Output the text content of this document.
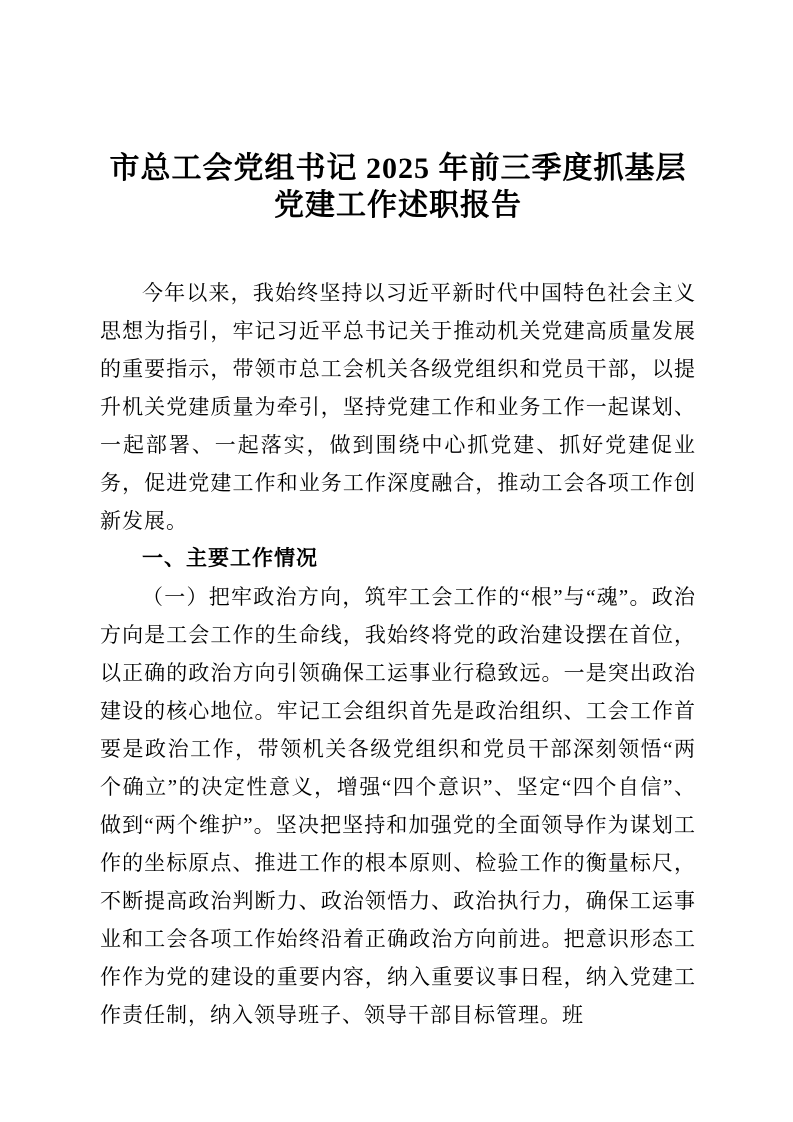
市总工会党组书记 2025 年前三季度抓基层党建工作述职报告

今年以来，我始终坚持以习近平新时代中国特色社会主义思想为指引，牢记习近平总书记关于推动机关党建高质量发展的重要指示，带领市总工会机关各级党组织和党员干部，以提升机关党建质量为牵引，坚持党建工作和业务工作一起谋划、一起部署、一起落实，做到围绕中心抓党建、抓好党建促业务，促进党建工作和业务工作深度融合，推动工会各项工作创新发展。

一、主要工作情况

（一）把牢政治方向，筑牢工会工作的“根”与“魂”。政治方向是工会工作的生命线，我始终将党的政治建设摆在首位，以正确的政治方向引领确保工运事业行稳致远。一是突出政治建设的核心地位。牢记工会组织首先是政治组织、工会工作首要是政治工作，带领机关各级党组织和党员干部深刻领悟“两个确立”的决定性意义，增强“四个意识”、坚定“四个自信”、做到“两个维护”。坚决把坚持和加强党的全面领导作为谋划工作的坐标原点、推进工作的根本原则、检验工作的衡量标尺，不断提高政治判断力、政治领悟力、政治执行力，确保工运事业和工会各项工作始终沿着正确政治方向前进。把意识形态工作作为党的建设的重要内容，纳入重要议事日程，纳入党建工作责任制，纳入领导班子、领导干部目标管理。班
